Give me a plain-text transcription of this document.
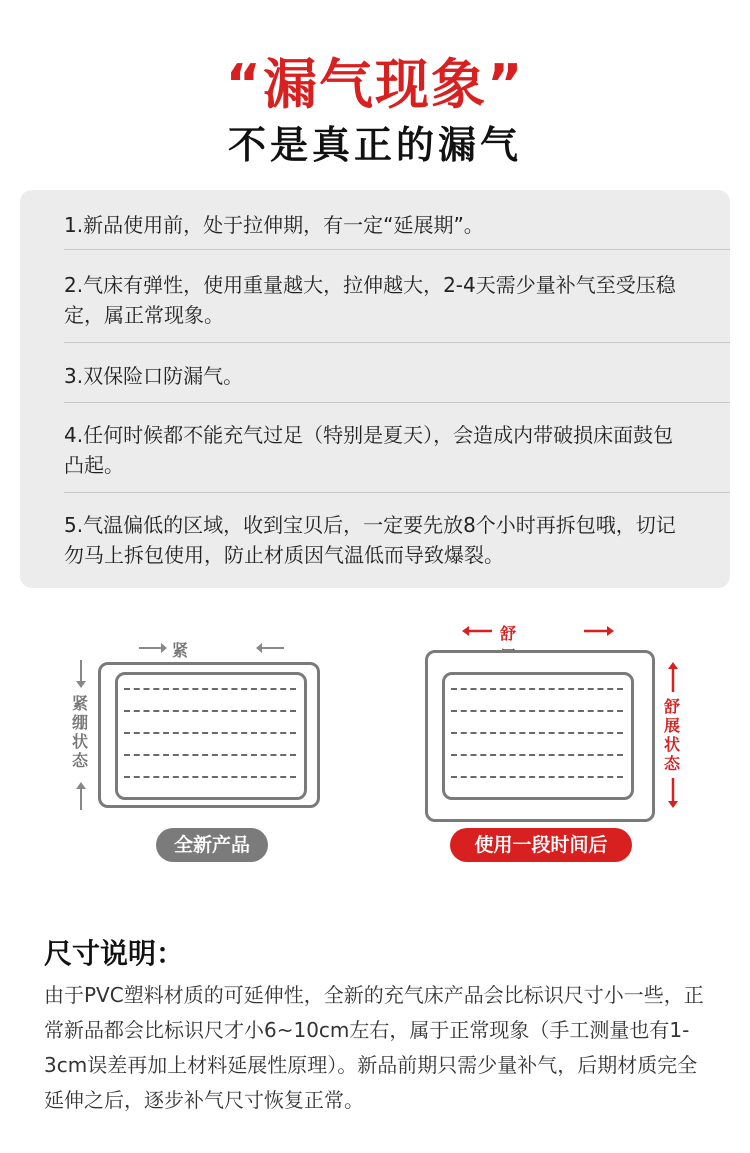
“漏气现象”
不是真正的漏气
1.新品使用前，处于拉伸期，有一定“延展期”。
2.气床有弹性，使用重量越大，拉伸越大，2-4天需少量补气至受压稳定，属正常现象。
3.双保险口防漏气。
4.任何时候都不能充气过足（特别是夏天），会造成内带破损床面鼓包凸起。
5.气温偏低的区域，收到宝贝后，一定要先放8个小时再拆包哦，切记勿马上拆包使用，防止材质因气温低而导致爆裂。
紧
紧绷状态
全新产品
舒
舒展状态
使用一段时间后
尺寸说明：
由于PVC塑料材质的可延伸性，全新的充气床产品会比标识尺寸小一些，正常新品都会比标识尺才小6~10cm左右，属于正常现象（手工测量也有1-3cm误差再加上材料延展性原理）。新品前期只需少量补气，后期材质完全延伸之后，逐步补气尺寸恢复正常。
